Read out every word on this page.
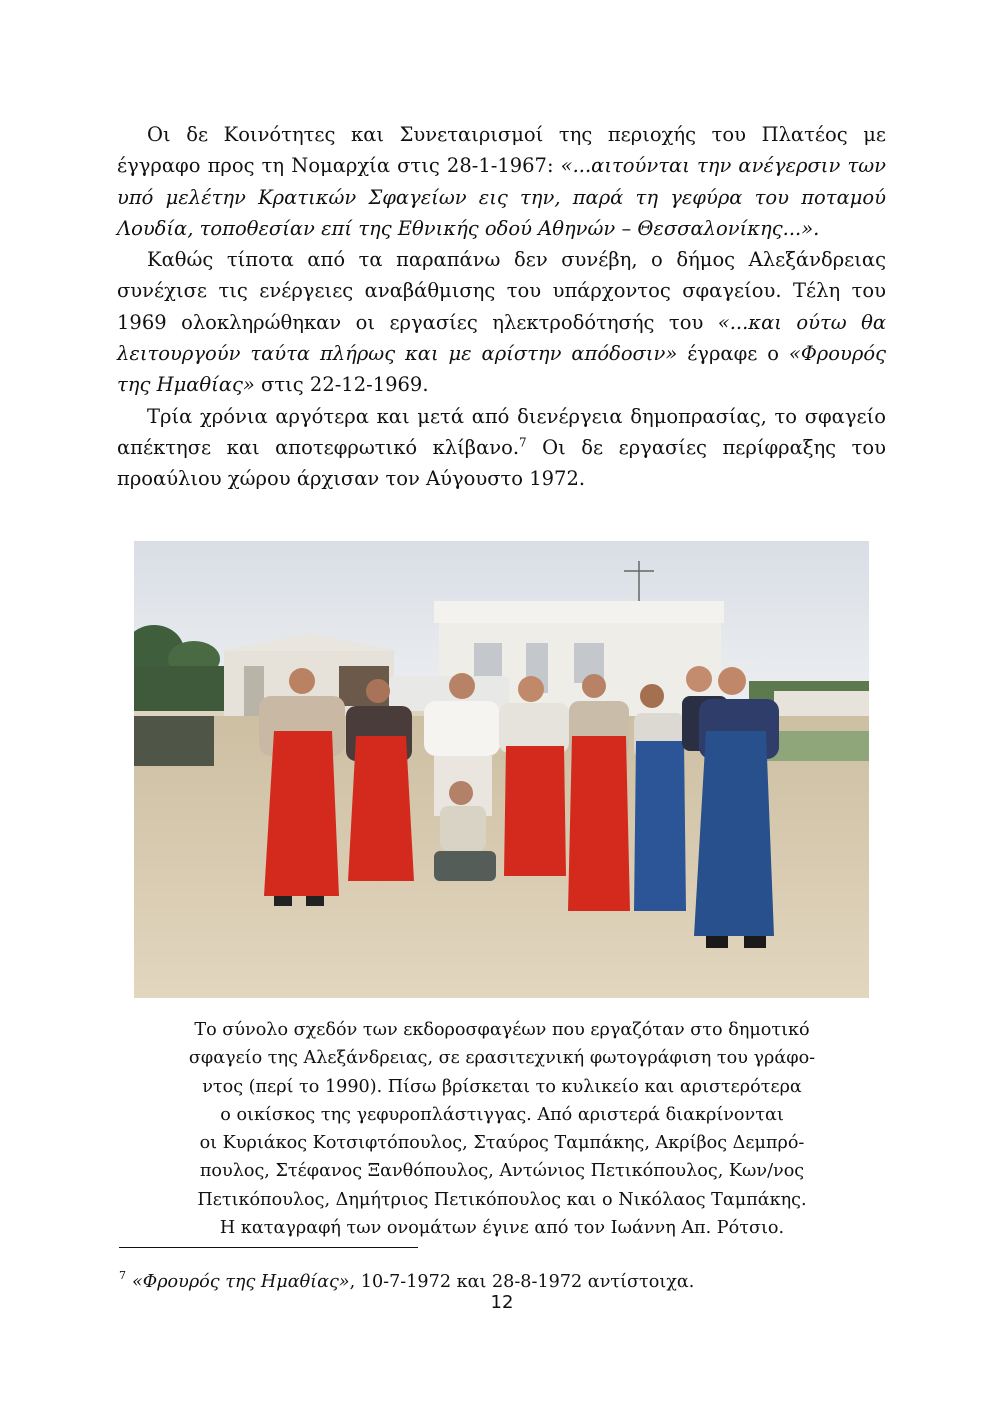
Οι δε Κοινότητες και Συνεταιρισμοί της περιοχής του Πλατέος με έγγραφο προς τη Νομαρχία στις 28-1-1967: «...αιτούνται την ανέγερσιν των υπό μελέτην Κρατικών Σφαγείων εις την, παρά τη γεφύρα του ποταμού Λουδία, τοποθεσίαν επί της Εθνικής οδού Αθηνών – Θεσσαλονίκης...».

Καθώς τίποτα από τα παραπάνω δεν συνέβη, ο δήμος Αλεξάνδρειας συνέχισε τις ενέργειες αναβάθμισης του υπάρχοντος σφαγείου. Τέλη του 1969 ολοκληρώθηκαν οι εργασίες ηλεκτροδότησής του «...και ούτω θα λειτουργούν ταύτα πλήρως και με αρίστην απόδοσιν» έγραφε ο «Φρουρός της Ημαθίας» στις 22-12-1969.

Τρία χρόνια αργότερα και μετά από διενέργεια δημοπρασίας, το σφαγείο απέκτησε και αποτεφρωτικό κλίβανο.$^7$ Οι δε εργασίες περίφραξης του προαύλιου χώρου άρχισαν τον Αύγουστο 1972.

Το σύνολο σχεδόν των εκδοροσφαγέων που εργαζόταν στο δημοτικό
σφαγείο της Αλεξάνδρειας, σε ερασιτεχνική φωτογράφιση του γράφο-
ντος (περί το 1990). Πίσω βρίσκεται το κυλικείο και αριστερότερα
ο οικίσκος της γεφυροπλάστιγγας. Από αριστερά διακρίνονται
οι Κυριάκος Κοτσιφτόπουλος, Σταύρος Ταμπάκης, Ακρίβος Δεμπρό-
πουλος, Στέφανος Ξανθόπουλος, Αντώνιος Πετικόπουλος, Κων/νος
Πετικόπουλος, Δημήτριος Πετικόπουλος και ο Νικόλαος Ταμπάκης.
Η καταγραφή των ονομάτων έγινε από τον Ιωάννη Απ. Ρότσιο.
$^7$ «Φρουρός της Ημαθίας», 10-7-1972 και 28-8-1972 αντίστοιχα.
12
